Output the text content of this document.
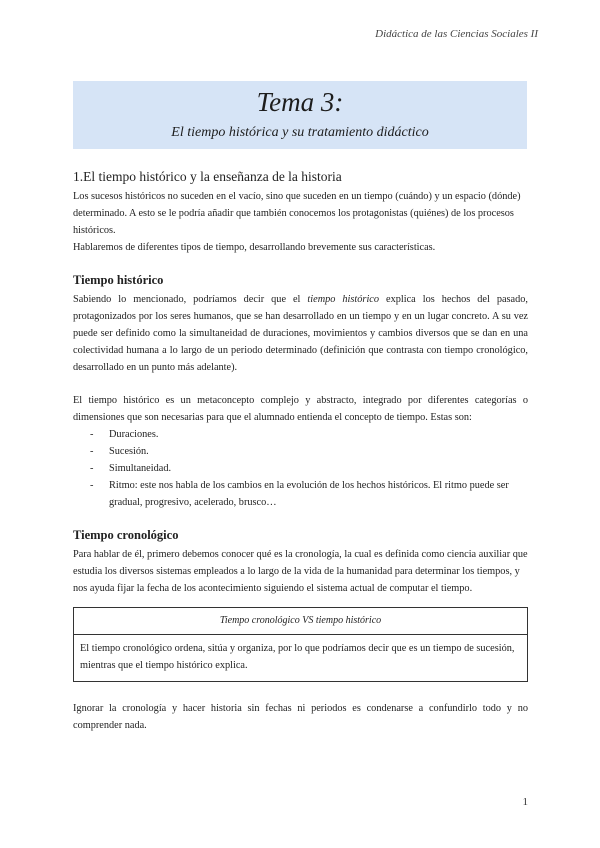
Didáctica de las Ciencias Sociales II
Tema 3:
El tiempo histórica y su tratamiento didáctico
1.El tiempo histórico y la enseñanza de la historia

Los sucesos históricos no suceden en el vacío, sino que suceden en un tiempo (cuándo) y un espacio (dónde) determinado. A esto se le podría añadir que también conocemos los protagonistas (quiénes) de los procesos históricos.

Hablaremos de diferentes tipos de tiempo, desarrollando brevemente sus características.

Tiempo histórico

Sabiendo lo mencionado, podríamos decir que el tiempo histórico explica los hechos del pasado, protagonizados por los seres humanos, que se han desarrollado en un tiempo y en un lugar concreto. A su vez puede ser definido como la simultaneidad de duraciones, movimientos y cambios diversos que se dan en una colectividad humana a lo largo de un periodo determinado (definición que contrasta con tiempo cronológico, desarrollado en un punto más adelante).

El tiempo histórico es un metaconcepto complejo y abstracto, integrado por diferentes categorías o dimensiones que son necesarias para que el alumnado entienda el concepto de tiempo. Estas son:

- Duraciones.
- Sucesión.
- Simultaneidad.
- Ritmo: este nos habla de los cambios en la evolución de los hechos históricos. El ritmo puede ser gradual, progresivo, acelerado, brusco…
Tiempo cronológico

Para hablar de él, primero debemos conocer qué es la cronología, la cual es definida como ciencia auxiliar que estudia los diversos sistemas empleados a lo largo de la vida de la humanidad para determinar los tiempos, y nos ayuda fijar la fecha de los acontecimiento siguiendo el sistema actual de computar el tiempo.

Tiempo cronológico VS tiempo histórico
El tiempo cronológico ordena, sitúa y organiza, por lo que podríamos decir que es un tiempo de sucesión, mientras que el tiempo histórico explica.

Ignorar la cronología y hacer historia sin fechas ni periodos es condenarse a confundirlo todo y no comprender nada.

1
